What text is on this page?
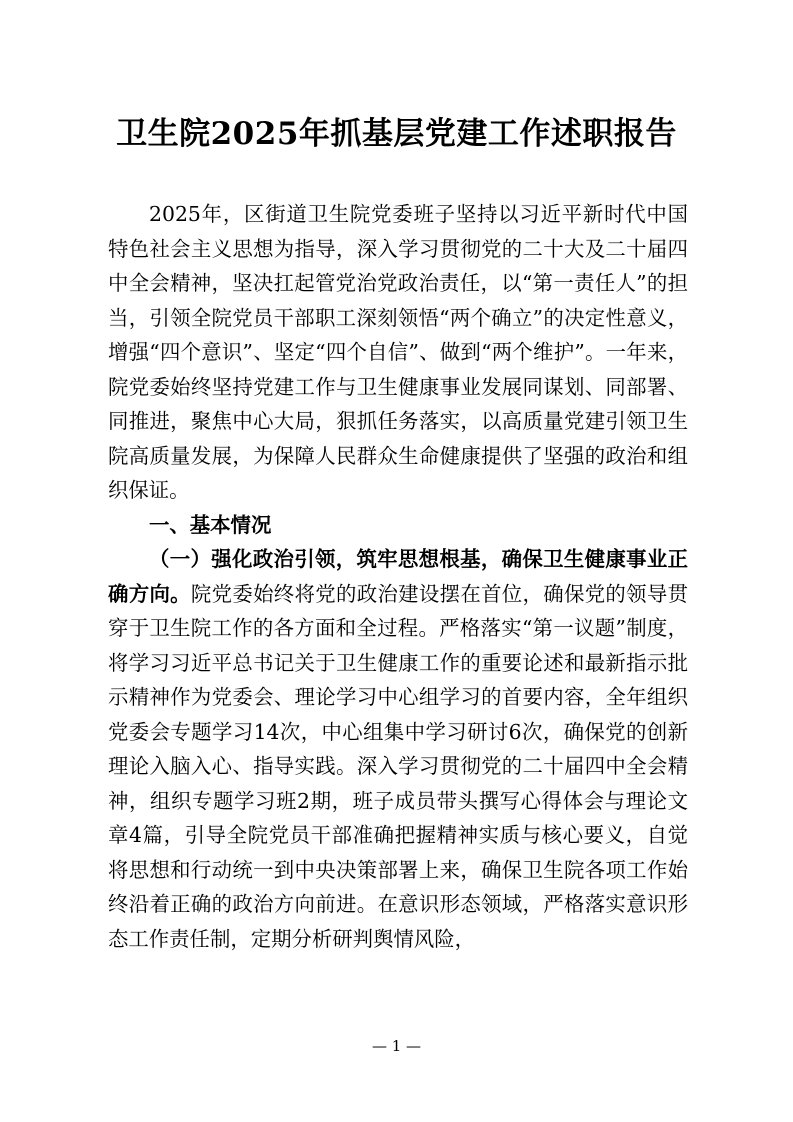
卫生院2025年抓基层党建工作述职报告

2025年，区街道卫生院党委班子坚持以习近平新时代中国特色社会主义思想为指导，深入学习贯彻党的二十大及二十届四中全会精神，坚决扛起管党治党政治责任，以“第一责任人”的担当，引领全院党员干部职工深刻领悟“两个确立”的决定性意义，增强“四个意识”、坚定“四个自信”、做到“两个维护”。一年来，院党委始终坚持党建工作与卫生健康事业发展同谋划、同部署、同推进，聚焦中心大局，狠抓任务落实，以高质量党建引领卫生院高质量发展，为保障人民群众生命健康提供了坚强的政治和组织保证。

一、基本情况

（一）强化政治引领，筑牢思想根基，确保卫生健康事业正确方向。院党委始终将党的政治建设摆在首位，确保党的领导贯穿于卫生院工作的各方面和全过程。严格落实“第一议题”制度，将学习习近平总书记关于卫生健康工作的重要论述和最新指示批示精神作为党委会、理论学习中心组学习的首要内容，全年组织党委会专题学习14次，中心组集中学习研讨6次，确保党的创新理论入脑入心、指导实践。深入学习贯彻党的二十届四中全会精神，组织专题学习班2期，班子成员带头撰写心得体会与理论文章4篇，引导全院党员干部准确把握精神实质与核心要义，自觉将思想和行动统一到中央决策部署上来，确保卫生院各项工作始终沿着正确的政治方向前进。在意识形态领域，严格落实意识形态工作责任制，定期分析研判舆情风险，

— 1 —
